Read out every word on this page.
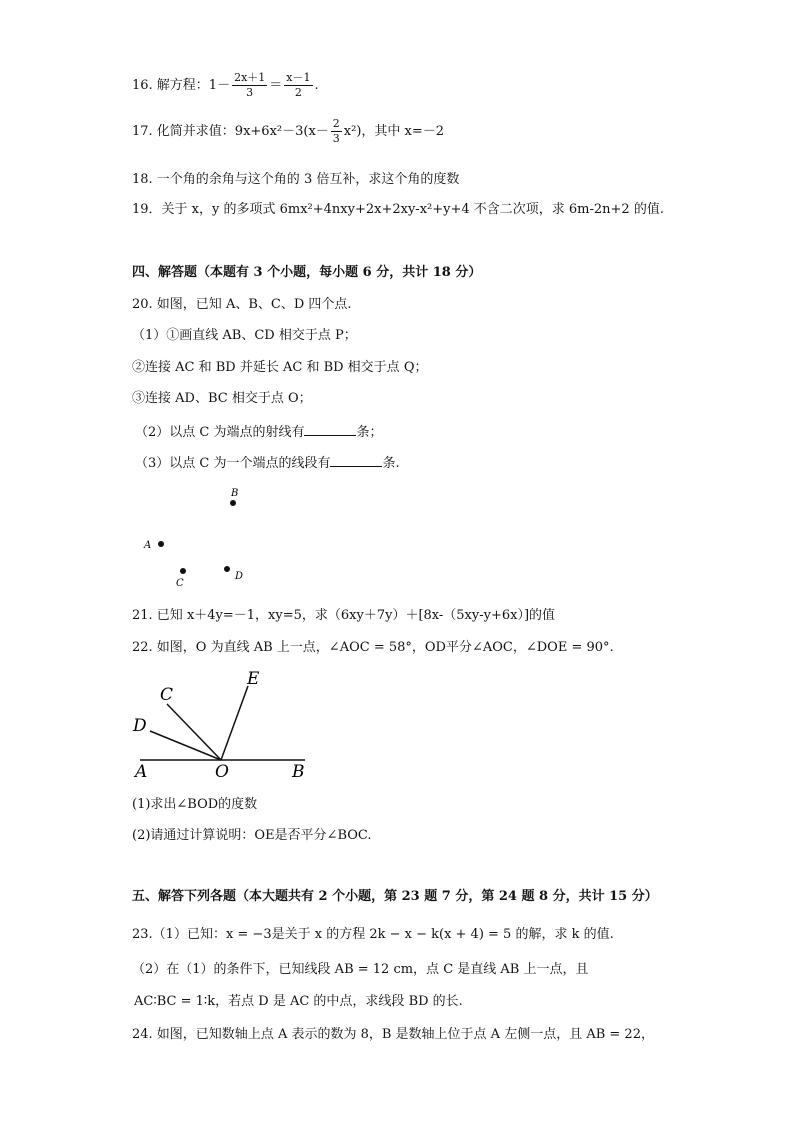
16. 解方程：$1- \frac{2x+1}{3} = \frac{x-1}{2}$ .
17. 化简并求值：$9x+6x^2-3(x- \frac{2}{3} x^2)$，其中 x=－2
18. 一个角的余角与这个角的 3 倍互补，求这个角的度数
19．关于 x，y 的多项式 6mx²+4nxy+2x+2xy-x²+y+4 不含二次项，求 6m-2n+2 的值.
四、解答题（本题有 3 个小题，每小题 6 分，共计 18 分）
20. 如图，已知 A、B、C、D 四个点.
（1）①画直线 AB、CD 相交于点 P；
②连接 AC 和 BD 并延长 AC 和 BD 相交于点 Q；
③连接 AD、BC 相交于点 O；
（2）以点 C 为端点的射线有	条；
（3）以点 C 为一个端点的线段有	条.
B
A
C
D
21. 已知 x＋4y=－1，xy=5，求（6xy＋7y）＋[8x-（5xy-y+6x）]的值
22. 如图，O 为直线 AB 上一点，∠AOC = 58°，OD平分∠AOC，∠DOE = 90°.
C
D
E
A	O	B
(1)求出∠BOD的度数
(2)请通过计算说明：OE是否平分∠BOC.
五、解答下列各题（本大题共有 2 个小题，第 23 题 7 分，第 24 题 8 分，共计 15 分）
23.（1）已知：x = −3是关于 x 的方程 2k − x − k(x + 4) = 5 的解，求 k 的值.
（2）在（1）的条件下，已知线段 AB = 12 cm，点 C 是直线 AB 上一点，且
AC∶BC = 1∶k，若点 D 是 AC 的中点，求线段 BD 的长.
24. 如图，已知数轴上点 A 表示的数为 8，B 是数轴上位于点 A 左侧一点，且 AB = 22，
